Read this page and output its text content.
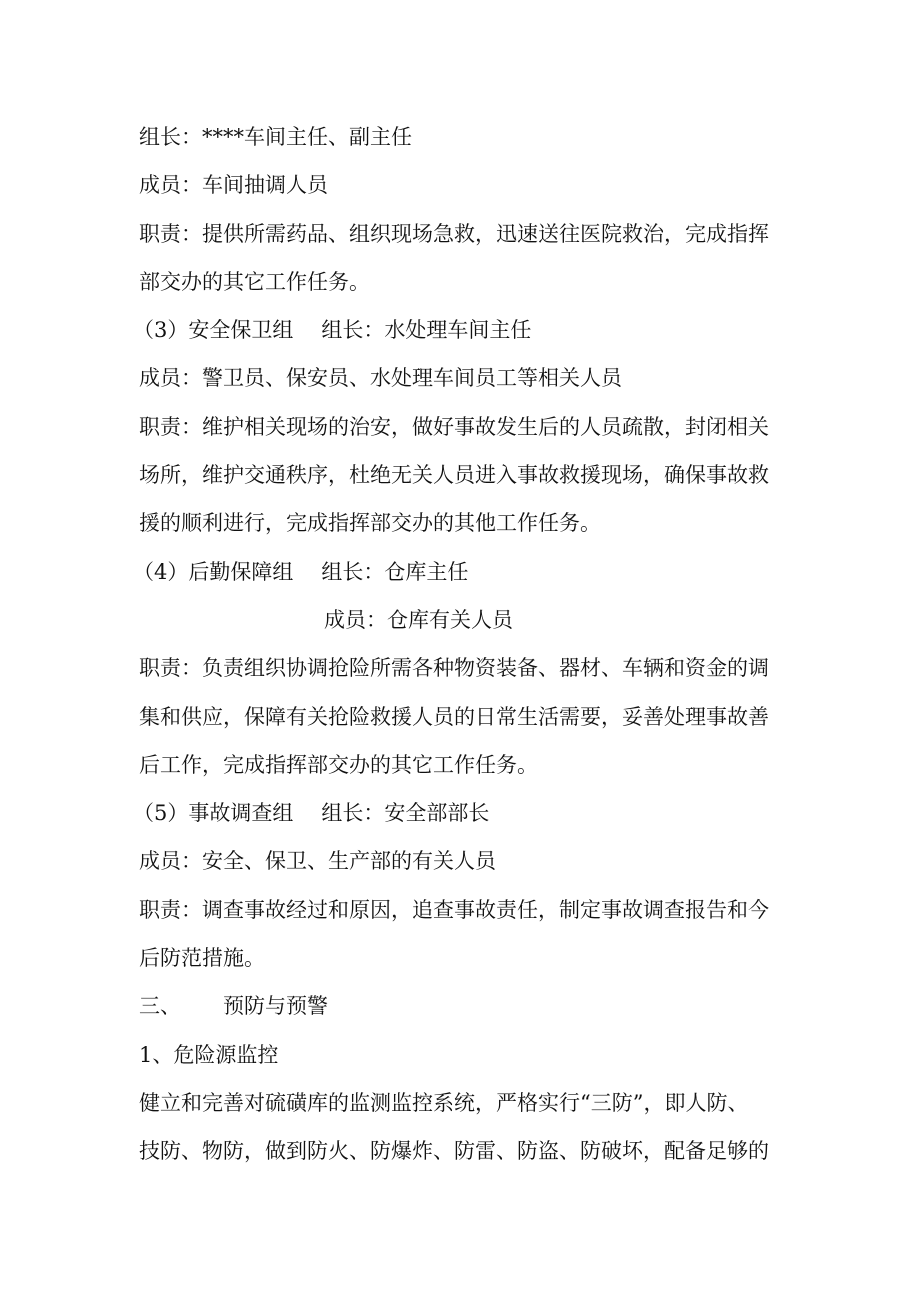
组长：****车间主任、副主任

成员：车间抽调人员

职责：提供所需药品、组织现场急救，迅速送往医院救治，完成指挥

部交办的其它工作任务。

（3）安全保卫组 组长：水处理车间主任

成员：警卫员、保安员、水处理车间员工等相关人员

职责：维护相关现场的治安，做好事故发生后的人员疏散，封闭相关

场所，维护交通秩序，杜绝无关人员进入事故救援现场，确保事故救

援的顺利进行，完成指挥部交办的其他工作任务。

（4）后勤保障组 组长：仓库主任

成员：仓库有关人员

职责：负责组织协调抢险所需各种物资装备、器材、车辆和资金的调

集和供应，保障有关抢险救援人员的日常生活需要，妥善处理事故善

后工作，完成指挥部交办的其它工作任务。

（5）事故调查组 组长：安全部部长

成员：安全、保卫、生产部的有关人员

职责：调查事故经过和原因，追查事故责任，制定事故调查报告和今

后防范措施。

三、 预防与预警

1、危险源监控

健立和完善对硫磺库的监测监控系统，严格实行“三防”，即人防、

技防、物防，做到防火、防爆炸、防雷、防盗、防破坏，配备足够的
